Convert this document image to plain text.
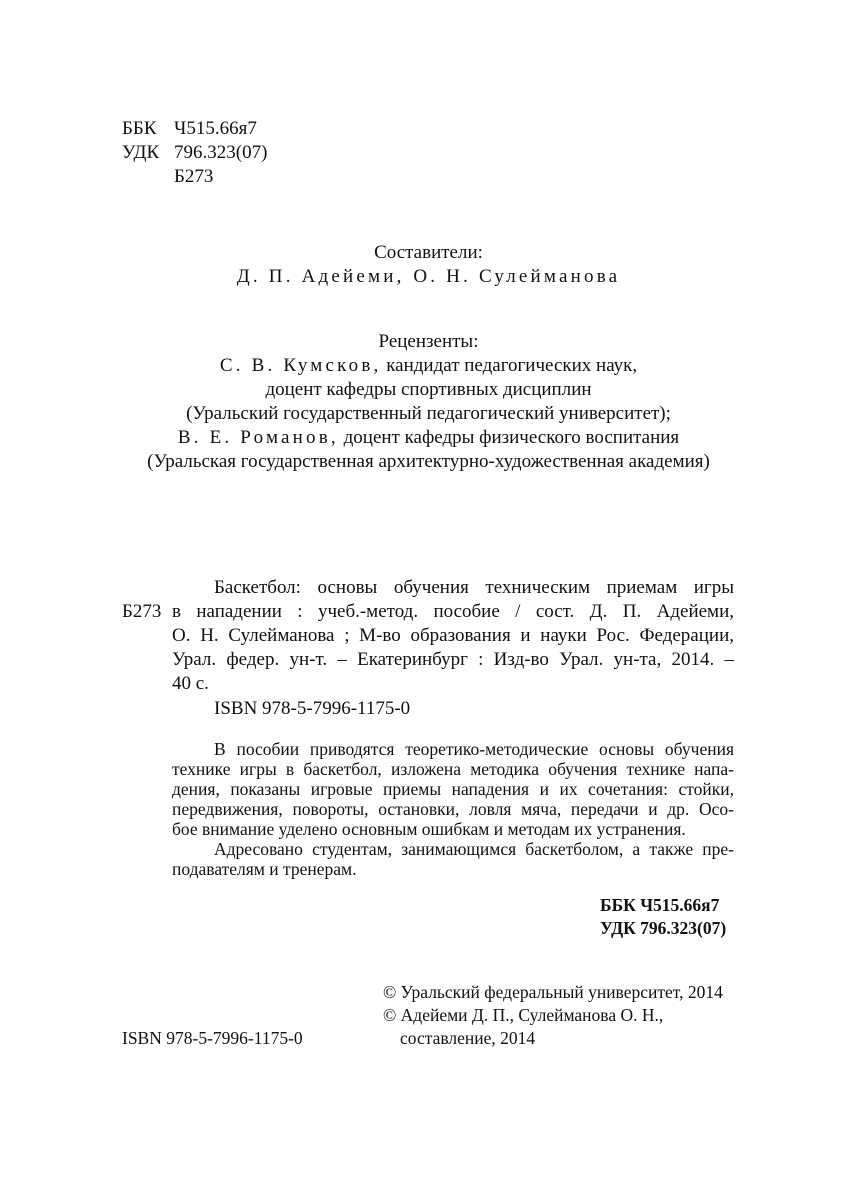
ББК Ч515.66я7
УДК 796.323(07)
Б273
Составители:
Д. П. Адейеми, О. Н. Сулейманова
Рецензенты:
С. В. Кумсков, кандидат педагогических наук,
доцент кафедры спортивных дисциплин
(Уральский государственный педагогический университет);
В. Е. Романов, доцент кафедры физического воспитания
(Уральская государственная архитектурно-художественная академия)
Б273
Баскетбол: основы обучения техническим приемам игры
в нападении : учеб.-метод. пособие / сост. Д. П. Адейеми,
О. Н. Сулейманова ; М-во образования и науки Рос. Федерации,
Урал. федер. ун-т. – Екатеринбург : Изд-во Урал. ун-та, 2014. –
40 с.
ISBN 978-5-7996-1175-0
В пособии приводятся теоретико-методические основы обучения
технике игры в баскетбол, изложена методика обучения технике напа-
дения, показаны игровые приемы нападения и их сочетания: стойки,
передвижения, повороты, остановки, ловля мяча, передачи и др. Осо-
бое внимание уделено основным ошибкам и методам их устранения.
Адресовано студентам, занимающимся баскетболом, а также пре-
подавателям и тренерам.
ББК Ч515.66я7
УДК 796.323(07)
© Уральский федеральный университет, 2014
© Адейеми Д. П., Сулейманова О. Н.,
составление, 2014
ISBN 978-5-7996-1175-0
